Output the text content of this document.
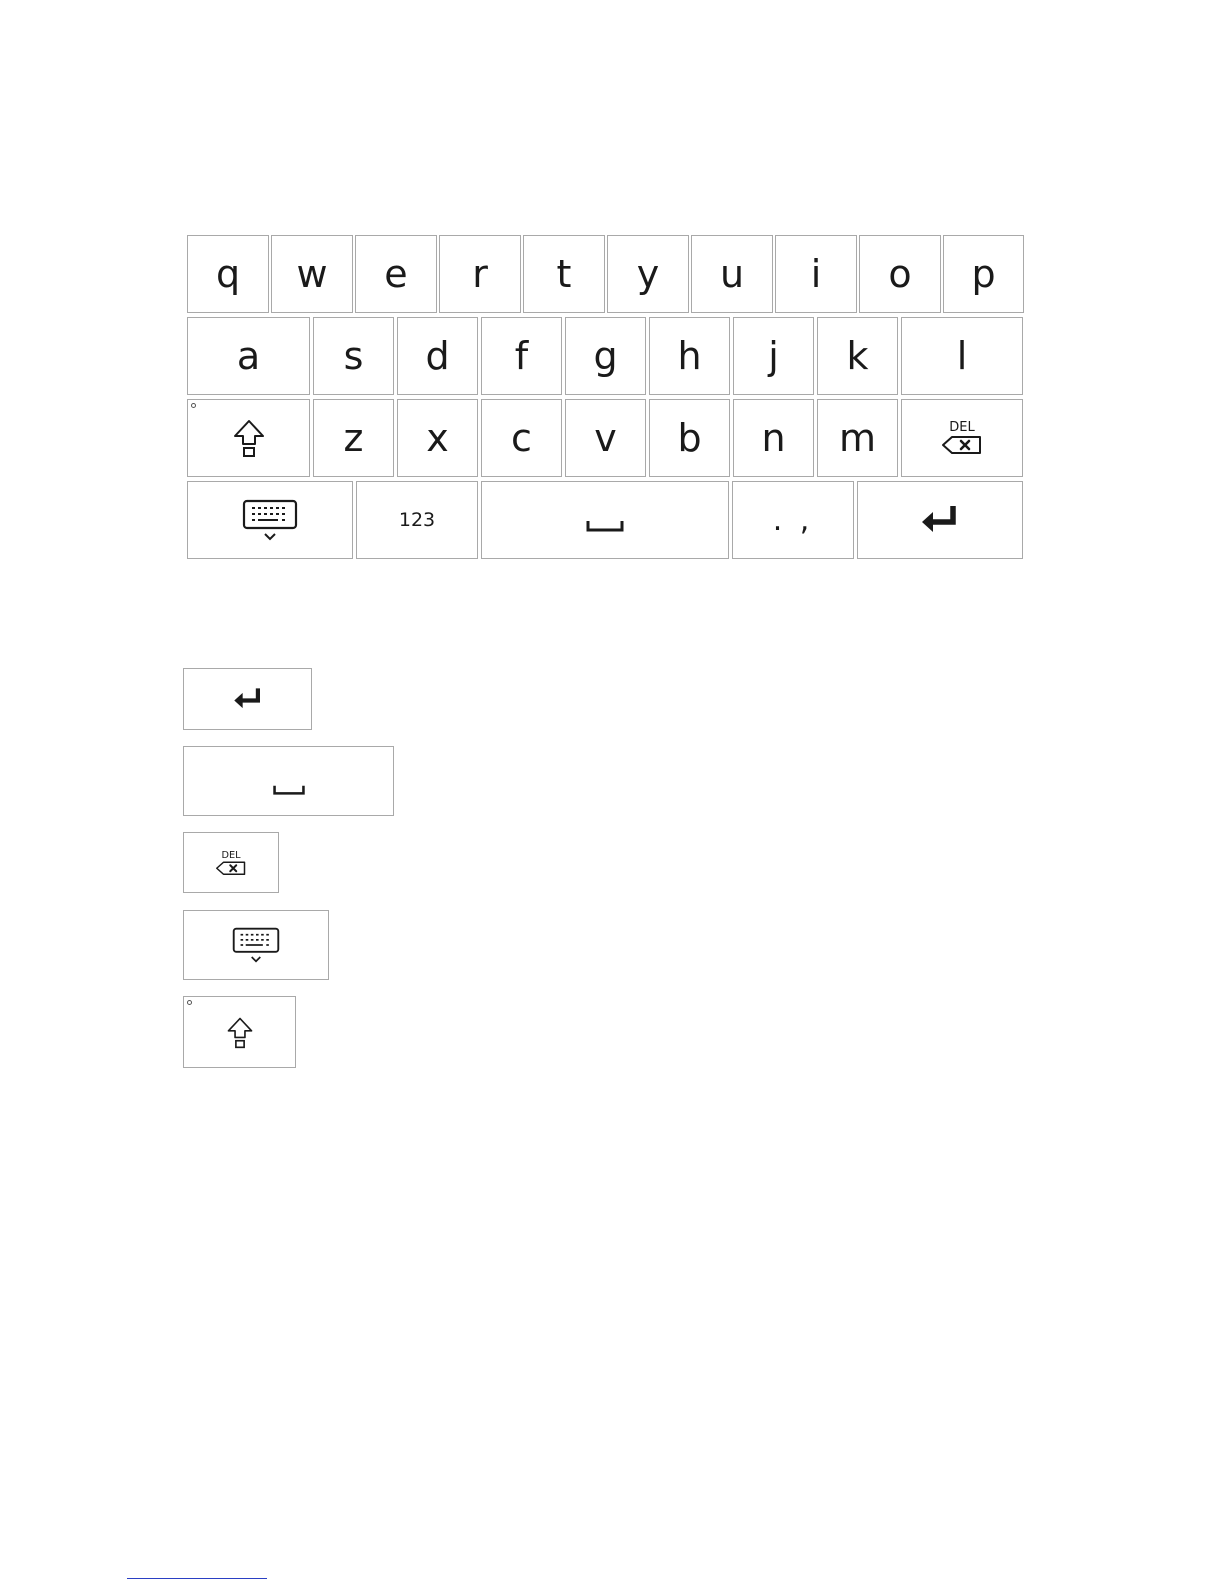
q w e r t y u i o p
a s d f g h j k l
z x c v b n m	DEL
123	. ,
DEL
